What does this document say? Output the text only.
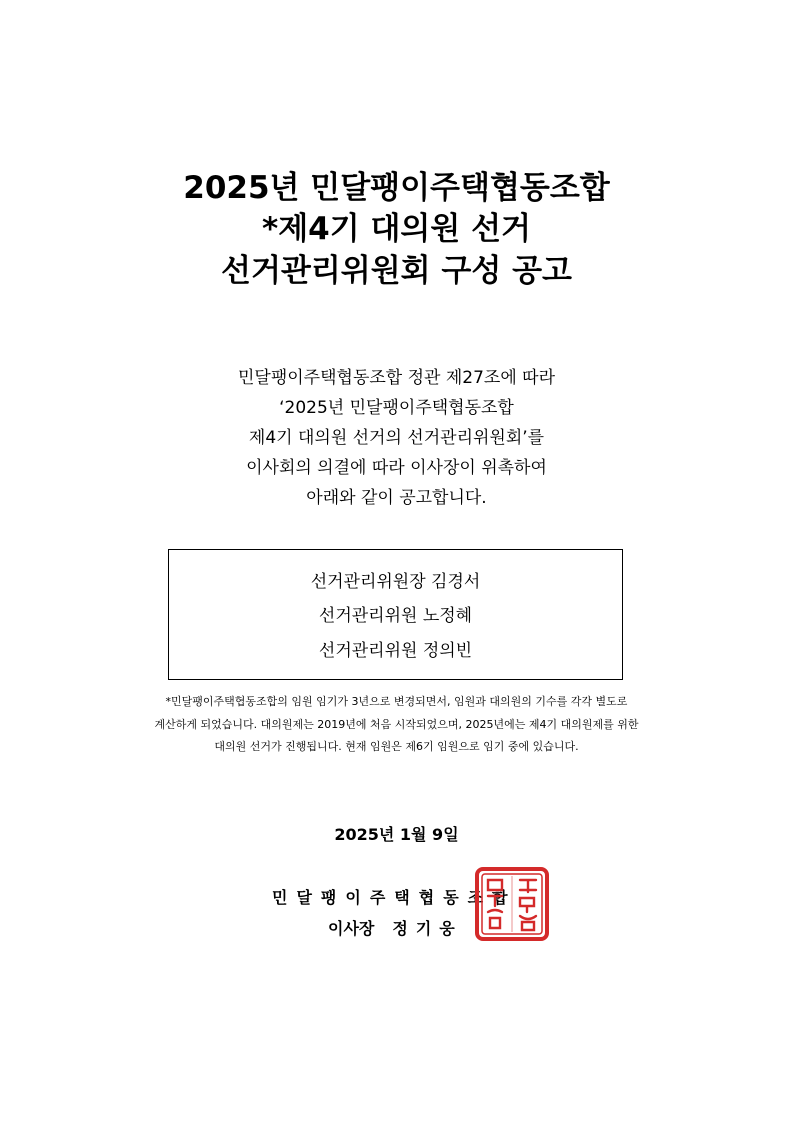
2025년 민달팽이주택협동조합
*제4기 대의원 선거
선거관리위원회 구성 공고
민달팽이주택협동조합 정관 제27조에 따라
‘2025년 민달팽이주택협동조합
제4기 대의원 선거의 선거관리위원회’를
이사회의 의결에 따라 이사장이 위촉하여
아래와 같이 공고합니다.
선거관리위원장 김경서
선거관리위원 노정혜
선거관리위원 정의빈
*민달팽이주택협동조합의 임원 임기가 3년으로 변경되면서, 임원과 대의원의 기수를 각각 별도로
계산하게 되었습니다. 대의원제는 2019년에 처음 시작되었으며, 2025년에는 제4기 대의원제를 위한
대의원 선거가 진행됩니다. 현재 임원은 제6기 임원으로 임기 중에 있습니다.
2025년 1월 9일
민달팽이주택협동조합
이사장 정기웅
